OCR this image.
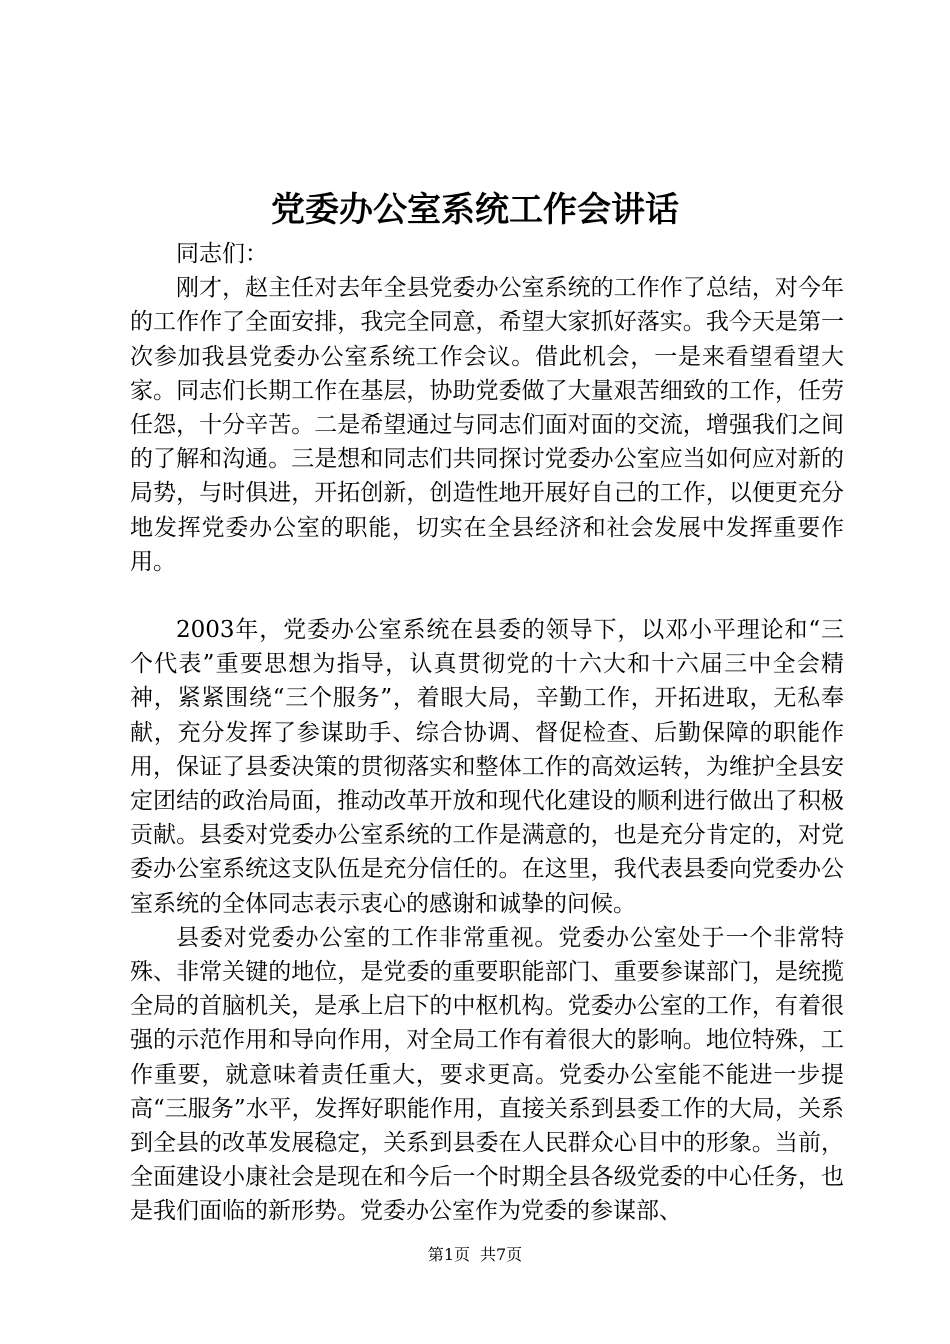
党委办公室系统工作会讲话

同志们：

刚才，赵主任对去年全县党委办公室系统的工作作了总结，对今年的工作作了全面安排，我完全同意，希望大家抓好落实。我今天是第一次参加我县党委办公室系统工作会议。借此机会，一是来看望看望大家。同志们长期工作在基层，协助党委做了大量艰苦细致的工作，任劳任怨，十分辛苦。二是希望通过与同志们面对面的交流，增强我们之间的了解和沟通。三是想和同志们共同探讨党委办公室应当如何应对新的局势，与时俱进，开拓创新，创造性地开展好自己的工作，以便更充分地发挥党委办公室的职能，切实在全县经济和社会发展中发挥重要作用。

2003年，党委办公室系统在县委的领导下，以邓小平理论和“三个代表”重要思想为指导，认真贯彻党的十六大和十六届三中全会精神，紧紧围绕“三个服务”，着眼大局，辛勤工作，开拓进取，无私奉献，充分发挥了参谋助手、综合协调、督促检查、后勤保障的职能作用，保证了县委决策的贯彻落实和整体工作的高效运转，为维护全县安定团结的政治局面，推动改革开放和现代化建设的顺利进行做出了积极贡献。县委对党委办公室系统的工作是满意的，也是充分肯定的，对党委办公室系统这支队伍是充分信任的。在这里，我代表县委向党委办公室系统的全体同志表示衷心的感谢和诚挚的问候。

县委对党委办公室的工作非常重视。党委办公室处于一个非常特殊、非常关键的地位，是党委的重要职能部门、重要参谋部门，是统揽全局的首脑机关，是承上启下的中枢机构。党委办公室的工作，有着很强的示范作用和导向作用，对全局工作有着很大的影响。地位特殊，工作重要，就意味着责任重大，要求更高。党委办公室能不能进一步提高“三服务”水平，发挥好职能作用，直接关系到县委工作的大局，关系到全县的改革发展稳定，关系到县委在人民群众心目中的形象。当前，全面建设小康社会是现在和今后一个时期全县各级党委的中心任务，也是我们面临的新形势。党委办公室作为党委的参谋部、

第1页 共7页
